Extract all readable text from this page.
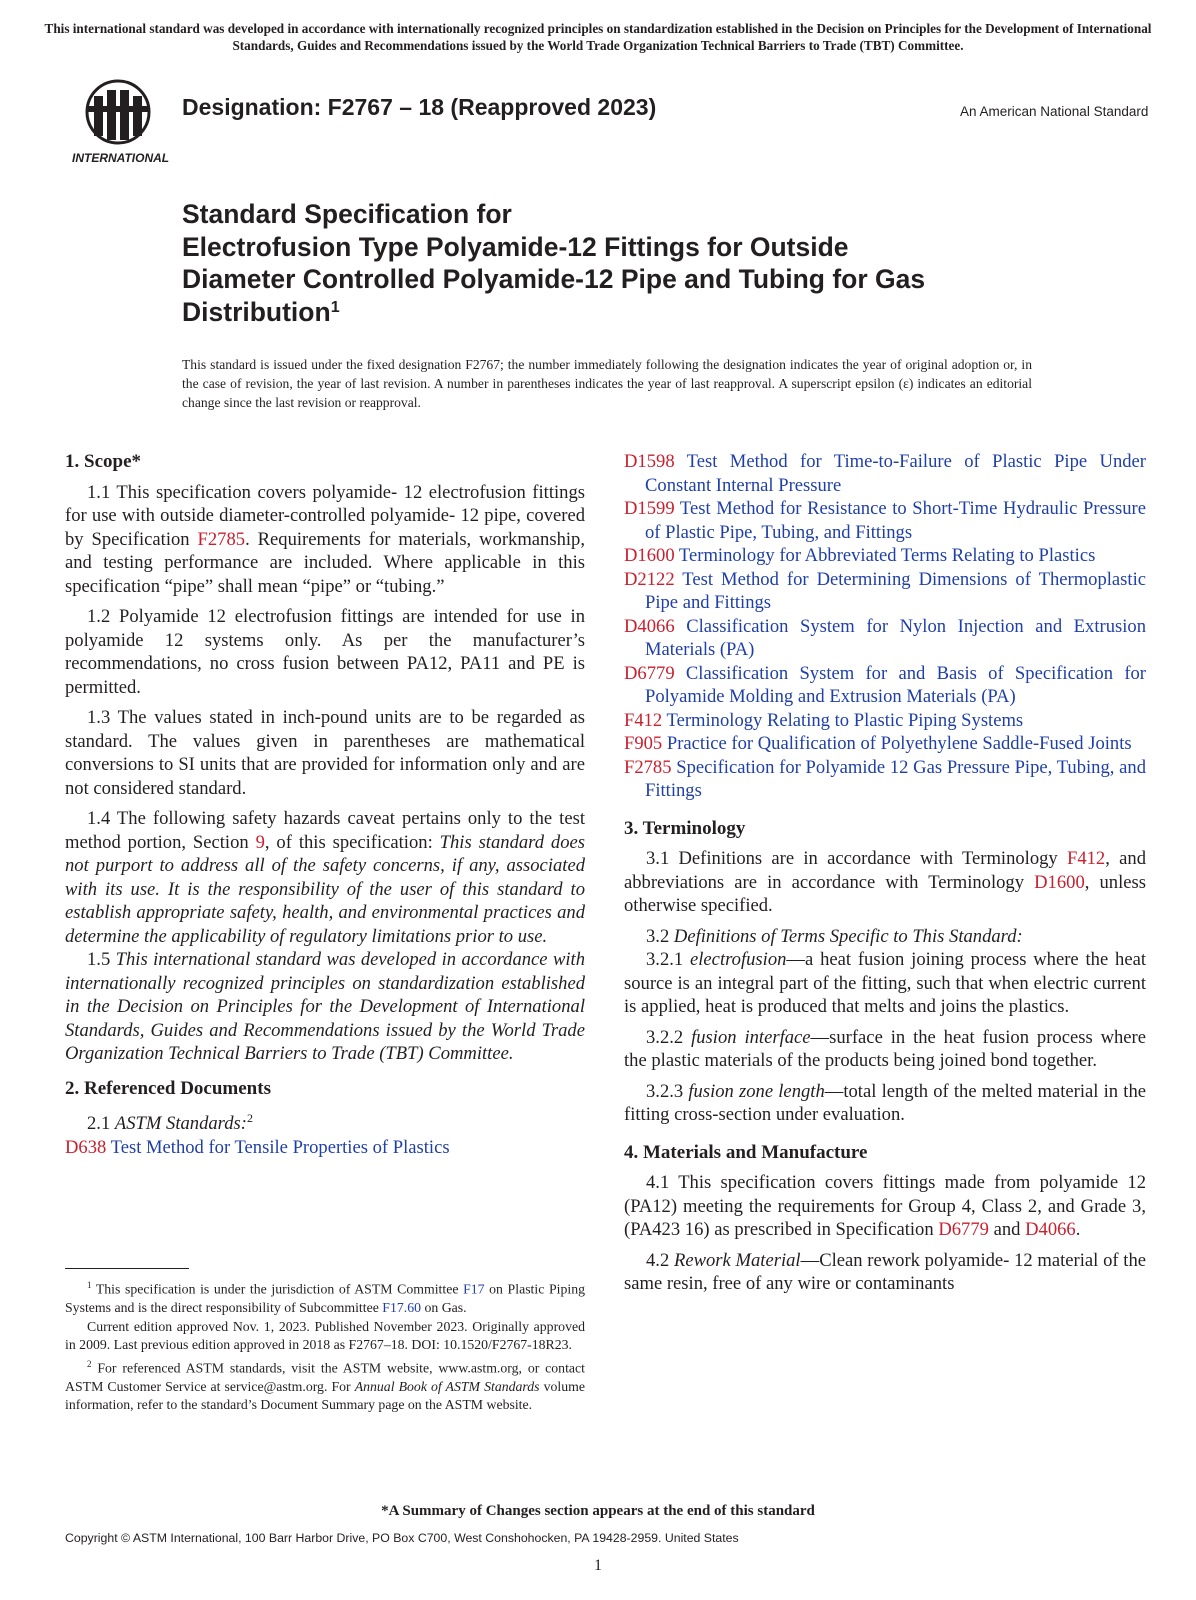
This international standard was developed in accordance with internationally recognized principles on standardization established in the Decision on Principles for the Development of International Standards, Guides and Recommendations issued by the World Trade Organization Technical Barriers to Trade (TBT) Committee.
INTERNATIONAL
Designation: F2767 – 18 (Reapproved 2023)	An American National Standard
Standard Specification for
Electrofusion Type Polyamide-12 Fittings for Outside
Diameter Controlled Polyamide-12 Pipe and Tubing for Gas
Distribution$^1$
This standard is issued under the fixed designation F2767; the number immediately following the designation indicates the year of original adoption or, in the case of revision, the year of last revision. A number in parentheses indicates the year of last reapproval. A superscript epsilon (ε) indicates an editorial change since the last revision or reapproval.
1. Scope*

1.1 This specification covers polyamide- 12 electrofusion fittings for use with outside diameter-controlled polyamide- 12 pipe, covered by Specification F2785. Requirements for materials, workmanship, and testing performance are included. Where applicable in this specification “pipe” shall mean “pipe” or “tubing.”

1.2 Polyamide 12 electrofusion fittings are intended for use in polyamide 12 systems only. As per the manufacturer’s recommendations, no cross fusion between PA12, PA11 and PE is permitted.

1.3 The values stated in inch-pound units are to be regarded as standard. The values given in parentheses are mathematical conversions to SI units that are provided for information only and are not considered standard.

1.4 The following safety hazards caveat pertains only to the test method portion, Section 9, of this specification: This standard does not purport to address all of the safety concerns, if any, associated with its use. It is the responsibility of the user of this standard to establish appropriate safety, health, and environmental practices and determine the applicability of regulatory limitations prior to use.

1.5 This international standard was developed in accordance with internationally recognized principles on standardization established in the Decision on Principles for the Development of International Standards, Guides and Recommendations issued by the World Trade Organization Technical Barriers to Trade (TBT) Committee.

2. Referenced Documents

2.1 ASTM Standards:$^2$

D638 Test Method for Tensile Properties of Plastics

$^1$ This specification is under the jurisdiction of ASTM Committee F17 on Plastic Piping Systems and is the direct responsibility of Subcommittee F17.60 on Gas.

Current edition approved Nov. 1, 2023. Published November 2023. Originally approved in 2009. Last previous edition approved in 2018 as F2767–18. DOI: 10.1520/F2767-18R23.

$^2$ For referenced ASTM standards, visit the ASTM website, www.astm.org, or contact ASTM Customer Service at service@astm.org. For Annual Book of ASTM Standards volume information, refer to the standard’s Document Summary page on the ASTM website.

D1598 Test Method for Time-to-Failure of Plastic Pipe Under Constant Internal Pressure

D1599 Test Method for Resistance to Short-Time Hydraulic Pressure of Plastic Pipe, Tubing, and Fittings

D1600 Terminology for Abbreviated Terms Relating to Plastics

D2122 Test Method for Determining Dimensions of Thermoplastic Pipe and Fittings

D4066 Classification System for Nylon Injection and Extrusion Materials (PA)

D6779 Classification System for and Basis of Specification for Polyamide Molding and Extrusion Materials (PA)

F412 Terminology Relating to Plastic Piping Systems

F905 Practice for Qualification of Polyethylene Saddle-Fused Joints

F2785 Specification for Polyamide 12 Gas Pressure Pipe, Tubing, and Fittings

3. Terminology

3.1 Definitions are in accordance with Terminology F412, and abbreviations are in accordance with Terminology D1600, unless otherwise specified.

3.2 Definitions of Terms Specific to This Standard:

3.2.1 electrofusion—a heat fusion joining process where the heat source is an integral part of the fitting, such that when electric current is applied, heat is produced that melts and joins the plastics.

3.2.2 fusion interface—surface in the heat fusion process where the plastic materials of the products being joined bond together.

3.2.3 fusion zone length—total length of the melted material in the fitting cross-section under evaluation.

4. Materials and Manufacture

4.1 This specification covers fittings made from polyamide 12 (PA12) meeting the requirements for Group 4, Class 2, and Grade 3, (PA423 16) as prescribed in Specification D6779 and D4066.

4.2 Rework Material—Clean rework polyamide- 12 material of the same resin, free of any wire or contaminants

*A Summary of Changes section appears at the end of this standard
Copyright © ASTM International, 100 Barr Harbor Drive, PO Box C700, West Conshohocken, PA 19428-2959. United States
1
